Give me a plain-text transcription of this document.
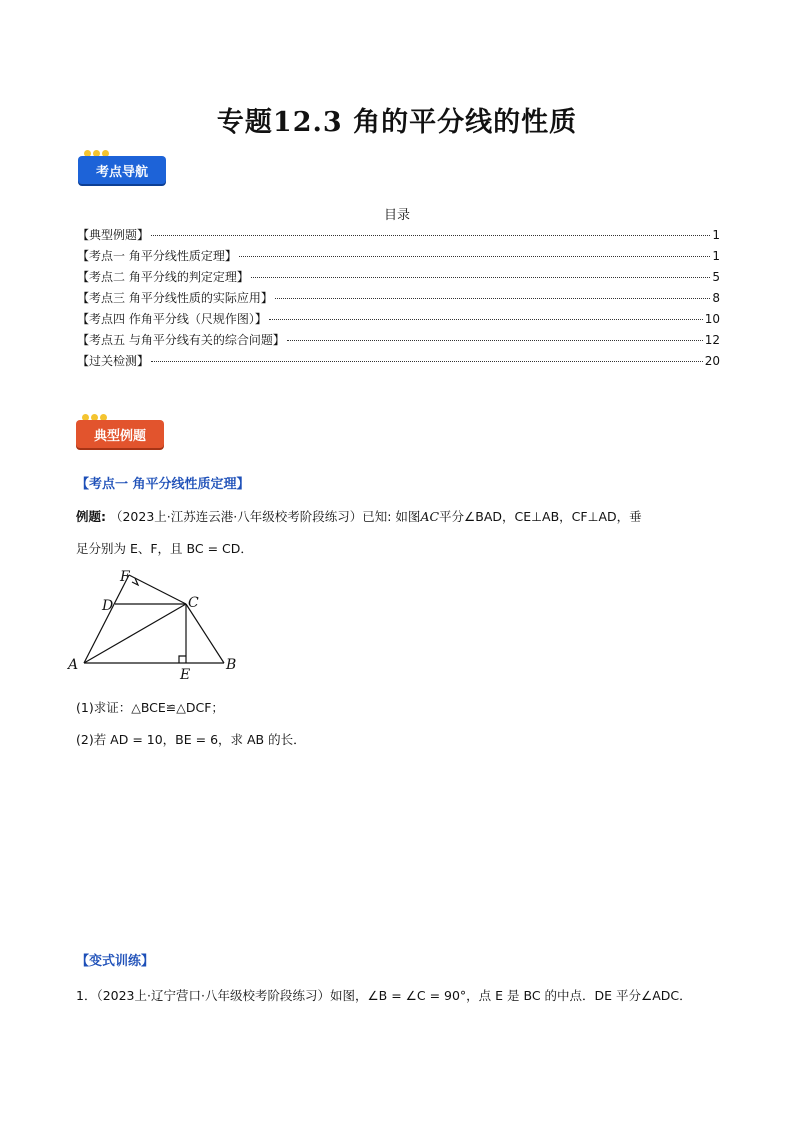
专题12.3 角的平分线的性质
考点导航
目录
【典型例题】	1
【考点一 角平分线性质定理】	1
【考点二 角平分线的判定定理】	5
【考点三 角平分线性质的实际应用】	8
【考点四 作角平分线（尺规作图）】	10
【考点五 与角平分线有关的综合问题】	12
【过关检测】	20
典型例题
【考点一 角平分线性质定理】
例题: （2023上·江苏连云港·八年级校考阶段练习）已知: 如图AC平分∠BAD，CE⊥AB，CF⊥AD，垂
足分别为 E、F，且 BC = CD．
A	B
C
D
E
F
(1)求证：△BCE≌△DCF；
(2)若 AD = 10，BE = 6，求 AB 的长．
【变式训练】
1．（2023上·辽宁营口·八年级校考阶段练习）如图，∠B = ∠C = 90°，点 E 是 BC 的中点．DE 平分∠ADC．
